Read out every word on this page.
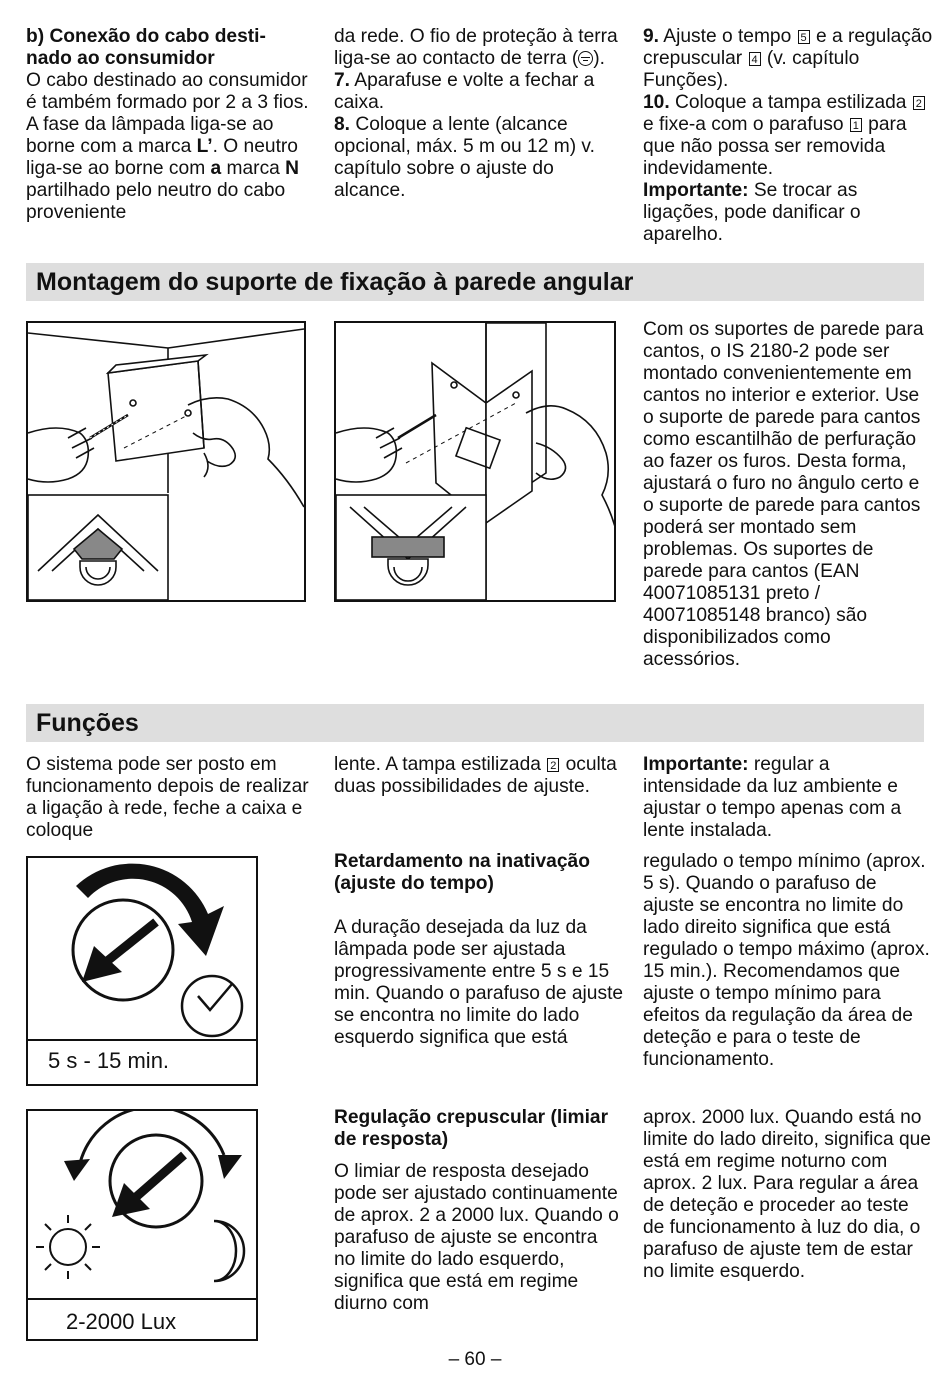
b) Conexão do cabo desti-
nado ao consumidor

O cabo destinado ao consumidor é também formado por 2 a 3 fios. A fase da lâmpada liga-se ao borne com a marca L’. O neutro liga-se ao borne com a marca N partilhado pelo neutro do cabo proveniente

da rede. O fio de proteção à terra liga-se ao contacto de terra ( ).

7. Aparafuse e volte a fechar a caixa.

8. Coloque a lente (alcance opcional, máx. 5 m ou 12 m) v. capítulo sobre o ajuste do alcance.

9. Ajuste o tempo 5 e a regulação crepuscular 4 (v. capítulo Funções).

10. Coloque a tampa estilizada 2 e fixe-a com o parafuso 1 para que não possa ser removida indevidamente.

Importante: Se trocar as ligações, pode danificar o aparelho.

Montagem do suporte de fixação à parede angular

Com os suportes de parede para cantos, o IS 2180-2 pode ser montado convenientemente em cantos no interior e exterior. Use o suporte de parede para cantos como escantilhão de perfuração ao fazer os furos. Desta forma, ajustará o furo no ângulo certo e o suporte de parede para cantos poderá ser montado sem problemas. Os suportes de parede para cantos (EAN 40071085131 preto / 40071085148 branco) são disponibilizados como acessórios.

Funções

O sistema pode ser posto em funcionamento depois de realizar a ligação à rede, feche a caixa e coloque

lente. A tampa estilizada 2 oculta duas possibilidades de ajuste.

Importante: regular a intensidade da luz ambiente e ajustar o tempo apenas com a lente instalada.

5 s - 15 min.
2-2000 Lux

Retardamento na inativação (ajuste do tempo)

A duração desejada da luz da lâmpada pode ser ajustada progressivamente entre 5 s e 15 min. Quando o parafuso de ajuste se encontra no limite do lado esquerdo significa que está

regulado o tempo mínimo (aprox. 5 s). Quando o parafuso de ajuste se encontra no limite do lado direito significa que está regulado o tempo máximo (aprox. 15 min.). Recomendamos que ajuste o tempo mínimo para efeitos da regulação da área de deteção e para o teste de funcionamento.

Regulação crepuscular (limiar de resposta)

O limiar de resposta desejado pode ser ajustado continuamente de aprox. 2 a 2000 lux. Quando o parafuso de ajuste se encontra no limite do lado esquerdo, significa que está em regime diurno com

aprox. 2000 lux. Quando está no limite do lado direito, significa que está em regime noturno com aprox. 2 lux. Para regular a área de deteção e proceder ao teste de funcionamento à luz do dia, o parafuso de ajuste tem de estar no limite esquerdo.

– 60 –
